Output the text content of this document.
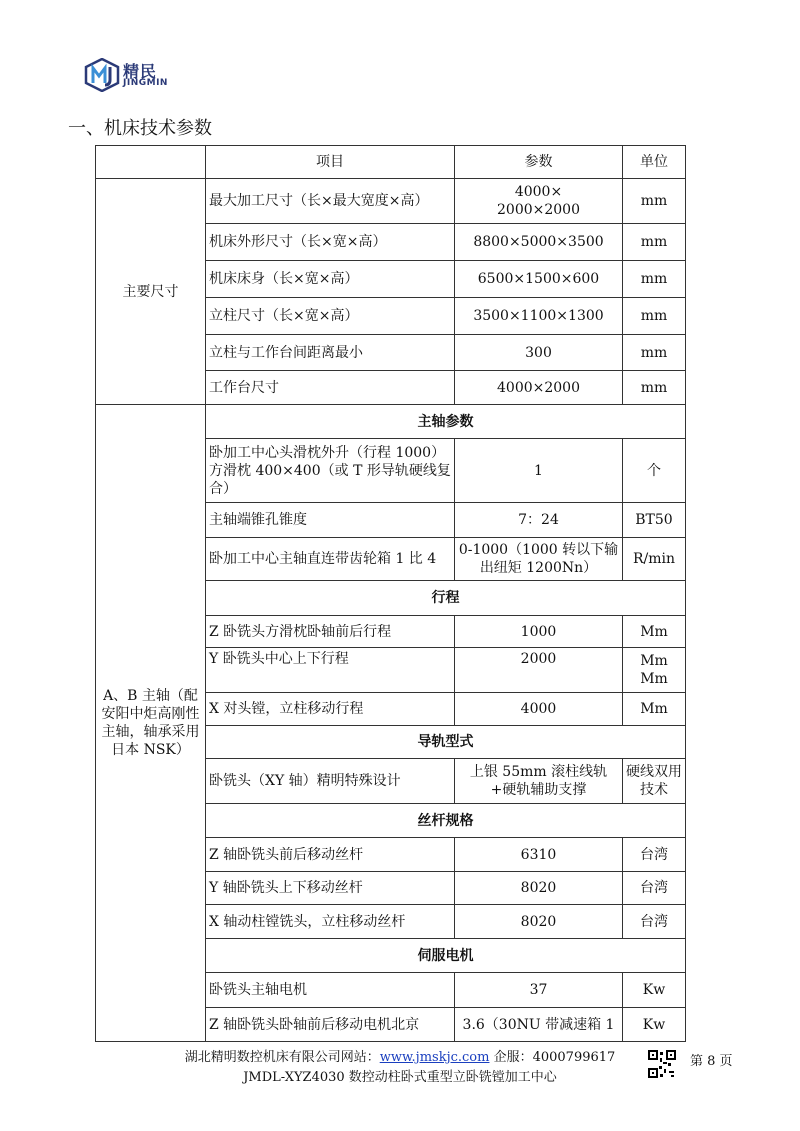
精民
JINGMIN
一、机床技术参数
	项目	参数	单位
主要尺寸	最大加工尺寸（长×最大宽度×高）	4000×
2000×2000	mm
	机床外形尺寸（长×宽×高）	8800×5000×3500	mm
	机床床身（长×宽×高）	6500×1500×600	mm
	立柱尺寸（长×宽×高）	3500×1100×1300	mm
	立柱与工作台间距离最小	300	mm
	工作台尺寸	4000×2000	mm
A、B 主轴（配安阳中炬高刚性主轴，轴承采用日本 NSK）	主轴参数		
	卧加工中心头滑枕外升（行程 1000）方滑枕 400×400（或 T 形导轨硬线复合）	1	个
	主轴端锥孔锥度	7：24	BT50
	卧加工中心主轴直连带齿轮箱 1 比 4	0-1000（1000 转以下输出纽矩 1200Nn）	R/min
	行程		
	Z 卧铣头方滑枕卧轴前后行程	1000	Mm
	Y 卧铣头中心上下行程	2000	Mm
Mm
	X 对头镗，立柱移动行程	4000	Mm
	导轨型式		
	卧铣头（XY 轴）精明特殊设计	上银 55mm 滚柱线轨+硬轨辅助支撑	硬线双用技术
	丝杆规格		
	Z 轴卧铣头前后移动丝杆	6310	台湾
	Y 轴卧铣头上下移动丝杆	8020	台湾
	X 轴动柱镗铣头，立柱移动丝杆	8020	台湾
	伺服电机		
	卧铣头主轴电机	37	Kw
	Z 轴卧铣头卧轴前后移动电机北京	3.6（30NU 带减速箱 1	Kw
湖北精明数控机床有限公司网站：www.jmskjc.com 企服：4000799617	第 8 页
JMDL-XYZ4030 数控动柱卧式重型立卧铣镗加工中心
